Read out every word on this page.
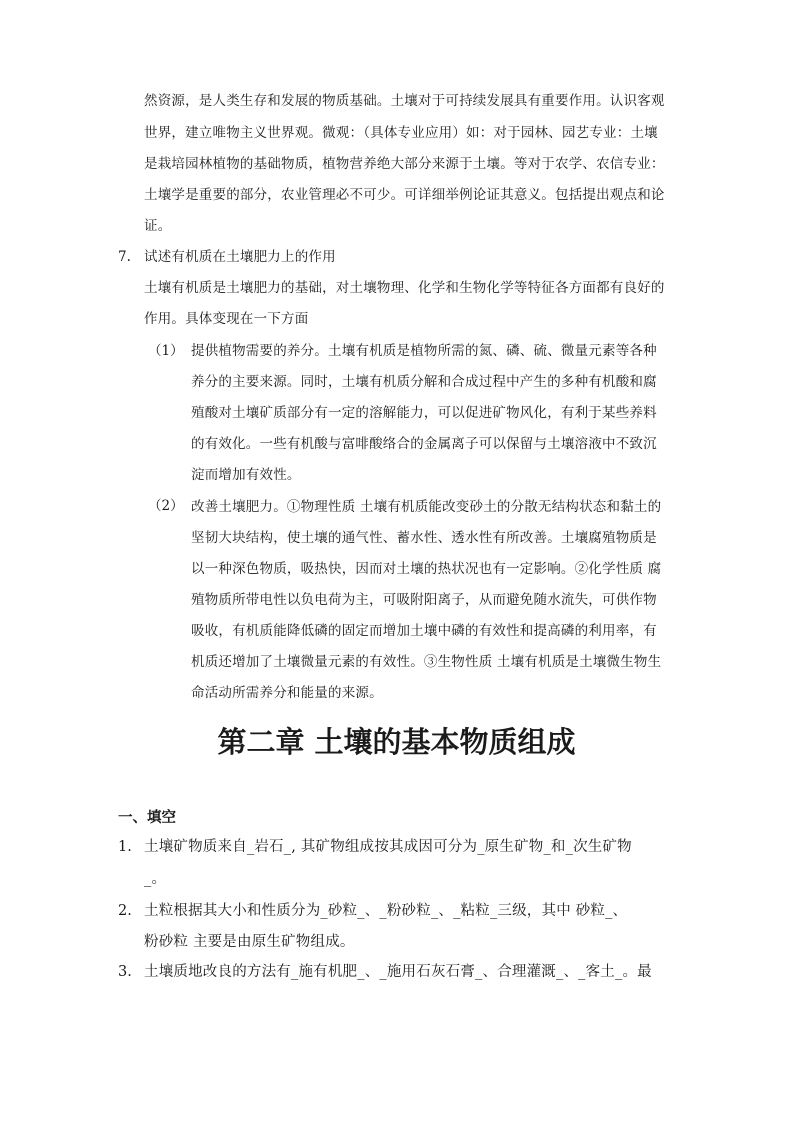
然资源，是人类生存和发展的物质基础。土壤对于可持续发展具有重要作用。认识客观
世界，建立唯物主义世界观。微观：（具体专业应用）如：对于园林、园艺专业：土壤
是栽培园林植物的基础物质，植物营养绝大部分来源于土壤。等对于农学、农信专业：
土壤学是重要的部分，农业管理必不可少。可详细举例论证其意义。包括提出观点和论
证。
7. 试述有机质在土壤肥力上的作用
土壤有机质是土壤肥力的基础，对土壤物理、化学和生物化学等特征各方面都有良好的
作用。具体变现在一下方面
（1） 提供植物需要的养分。土壤有机质是植物所需的氮、磷、硫、微量元素等各种
养分的主要来源。同时，土壤有机质分解和合成过程中产生的多种有机酸和腐
殖酸对土壤矿质部分有一定的溶解能力，可以促进矿物风化，有利于某些养料
的有效化。一些有机酸与富啡酸络合的金属离子可以保留与土壤溶液中不致沉
淀而增加有效性。
（2） 改善土壤肥力。①物理性质 土壤有机质能改变砂土的分散无结构状态和黏土的
坚韧大块结构，使土壤的通气性、蓄水性、透水性有所改善。土壤腐殖物质是
以一种深色物质，吸热快，因而对土壤的热状况也有一定影响。②化学性质 腐
殖物质所带电性以负电荷为主，可吸附阳离子，从而避免随水流失，可供作物
吸收，有机质能降低磷的固定而增加土壤中磷的有效性和提高磷的利用率，有
机质还增加了土壤微量元素的有效性。③生物性质 土壤有机质是土壤微生物生
命活动所需养分和能量的来源。
第二章 土壤的基本物质组成
一、填空
1. 土壤矿物质来自_岩石_, 其矿物组成按其成因可分为_原生矿物_和_次生矿物
_。
2. 土粒根据其大小和性质分为_砂粒_、_粉砂粒_、_粘粒_三级，其中 砂粒_、
粉砂粒 主要是由原生矿物组成。
3. 土壤质地改良的方法有_施有机肥_、_施用石灰石膏_、合理灌溉_、_客土_。最
